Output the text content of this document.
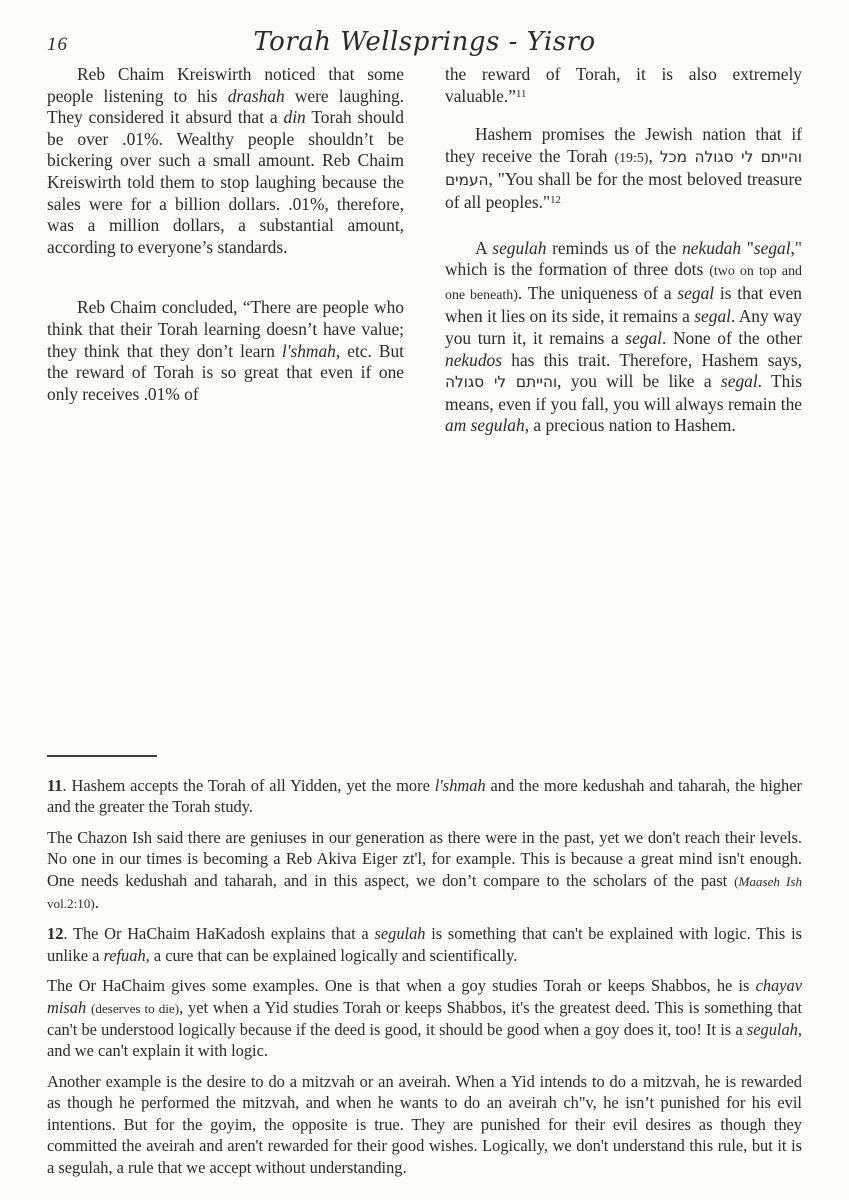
16	Torah Wellsprings - Yisro

Reb Chaim Kreiswirth noticed that some people listening to his drashah were laughing. They considered it absurd that a din Torah should be over .01%. Wealthy people shouldn’t be bickering over such a small amount. Reb Chaim Kreiswirth told them to stop laughing because the sales were for a billion dollars. .01%, therefore, was a million dollars, a substantial amount, according to everyone’s standards.

Reb Chaim concluded, “There are people who think that their Torah learning doesn’t have value; they think that they don’t learn l'shmah, etc. But the reward of Torah is so great that even if one only receives .01% of

the reward of Torah, it is also extremely valuable.”$^{11}$

Hashem promises the Jewish nation that if they receive the Torah (19:5), והייתם לי סגולה מכל העמים, "You shall be for the most beloved treasure of all peoples."$^{12}$

A segulah reminds us of the nekudah "segal," which is the formation of three dots (two on top and one beneath). The uniqueness of a segal is that even when it lies on its side, it remains a segal. Any way you turn it, it remains a segal. None of the other nekudos has this trait. Therefore, Hashem says, והייתם לי סגולה, you will be like a segal. This means, even if you fall, you will always remain the am segulah, a precious nation to Hashem.

11. Hashem accepts the Torah of all Yidden, yet the more l'shmah and the more kedushah and taharah, the higher and the greater the Torah study.

The Chazon Ish said there are geniuses in our generation as there were in the past, yet we don't reach their levels. No one in our times is becoming a Reb Akiva Eiger zt'l, for example. This is because a great mind isn't enough. One needs kedushah and taharah, and in this aspect, we don’t compare to the scholars of the past (Maaseh Ish vol.2:10).

12. The Or HaChaim HaKadosh explains that a segulah is something that can't be explained with logic. This is unlike a refuah, a cure that can be explained logically and scientifically.

The Or HaChaim gives some examples. One is that when a goy studies Torah or keeps Shabbos, he is chayav misah (deserves to die), yet when a Yid studies Torah or keeps Shabbos, it's the greatest deed. This is something that can't be understood logically because if the deed is good, it should be good when a goy does it, too! It is a segulah, and we can't explain it with logic.

Another example is the desire to do a mitzvah or an aveirah. When a Yid intends to do a mitzvah, he is rewarded as though he performed the mitzvah, and when he wants to do an aveirah ch"v, he isn’t punished for his evil intentions. But for the goyim, the opposite is true. They are punished for their evil desires as though they committed the aveirah and aren't rewarded for their good wishes. Logically, we don't understand this rule, but it is a segulah, a rule that we accept without understanding.
